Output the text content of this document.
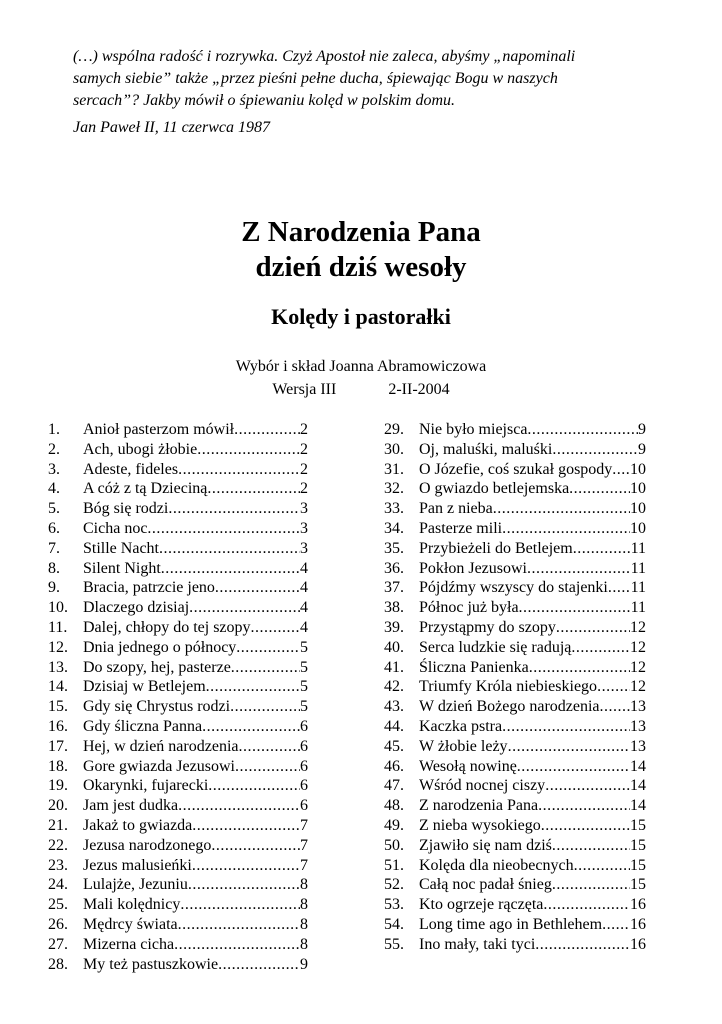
(…) wspólna radość i rozrywka. Czyż Apostoł nie zaleca, abyśmy „napominali
samych siebie” także „przez pieśni pełne ducha, śpiewając Bogu w naszych
sercach”? Jakby mówił o śpiewaniu kolęd w polskim domu.
Jan Paweł II, 11 czerwca 1987
Z Narodzenia Pana
dzień dziś wesoły
Kolędy i pastorałki
Wybór i skład Joanna Abramowiczowa
Wersja III	2-II-2004
1.	Anioł pasterzom mówił .....	2
2.	Ach, ubogi żłobie .....	2
3.	Adeste, fideles .....	2
4.	A cóż z tą Dzieciną .....	2
5.	Bóg się rodzi .....	3
6.	Cicha noc .....	3
7.	Stille Nacht .....	3
8.	Silent Night .....	4
9.	Bracia, patrzcie jeno .....	4
10. Dlaczego dzisiaj .....	4
11. Dalej, chłopy do tej szopy .....	4
12. Dnia jednego o północy .....	5
13. Do szopy, hej, pasterze .....	5
14. Dzisiaj w Betlejem .....	5
15. Gdy się Chrystus rodzi .....	5
16. Gdy śliczna Panna .....	6
17. Hej, w dzień narodzenia .....	6
18. Gore gwiazda Jezusowi .....	6
19. Okarynki, fujarecki .....	6
20. Jam jest dudka .....	6
21. Jakaż to gwiazda .....	7
22. Jezusa narodzonego .....	7
23. Jezus malusieńki .....	7
24. Lulajże, Jezuniu .....	8
25. Mali kolędnicy .....	8
26. Mędrcy świata .....	8
27. Mizerna cicha .....	8
28. My też pastuszkowie .....	9
29. Nie było miejsca .....	9
30. Oj, maluśki, maluśki .....	9
31. O Józefie, coś szukał gospody ..... 10
32. O gwiazdo betlejemska .....	10
33. Pan z nieba .....	10
34. Pasterze mili .....	10
35. Przybieżeli do Betlejem .....	11
36. Pokłon Jezusowi .....	11
37. Pójdźmy wszyscy do stajenki ..... 11
38. Północ już była .....	11
39. Przystąpmy do szopy .....	12
40. Serca ludzkie się radują .....	12
41. Śliczna Panienka .....	12
42. Triumfy Króla niebieskiego ..... 12
43. W dzień Bożego narodzenia ..... 13
44. Kaczka pstra .....	13
45. W żłobie leży .....	13
46. Wesołą nowinę .....	14
47. Wśród nocnej ciszy .....	14
48. Z narodzenia Pana .....	14
49. Z nieba wysokiego .....	15
50. Zjawiło się nam dziś .....	15
51. Kolęda dla nieobecnych .....	15
52. Całą noc padał śnieg .....	15
53. Kto ogrzeje rączęta .....	16
54. Long time ago in Bethlehem ..... 16
55. Ino mały, taki tyci .....	16
